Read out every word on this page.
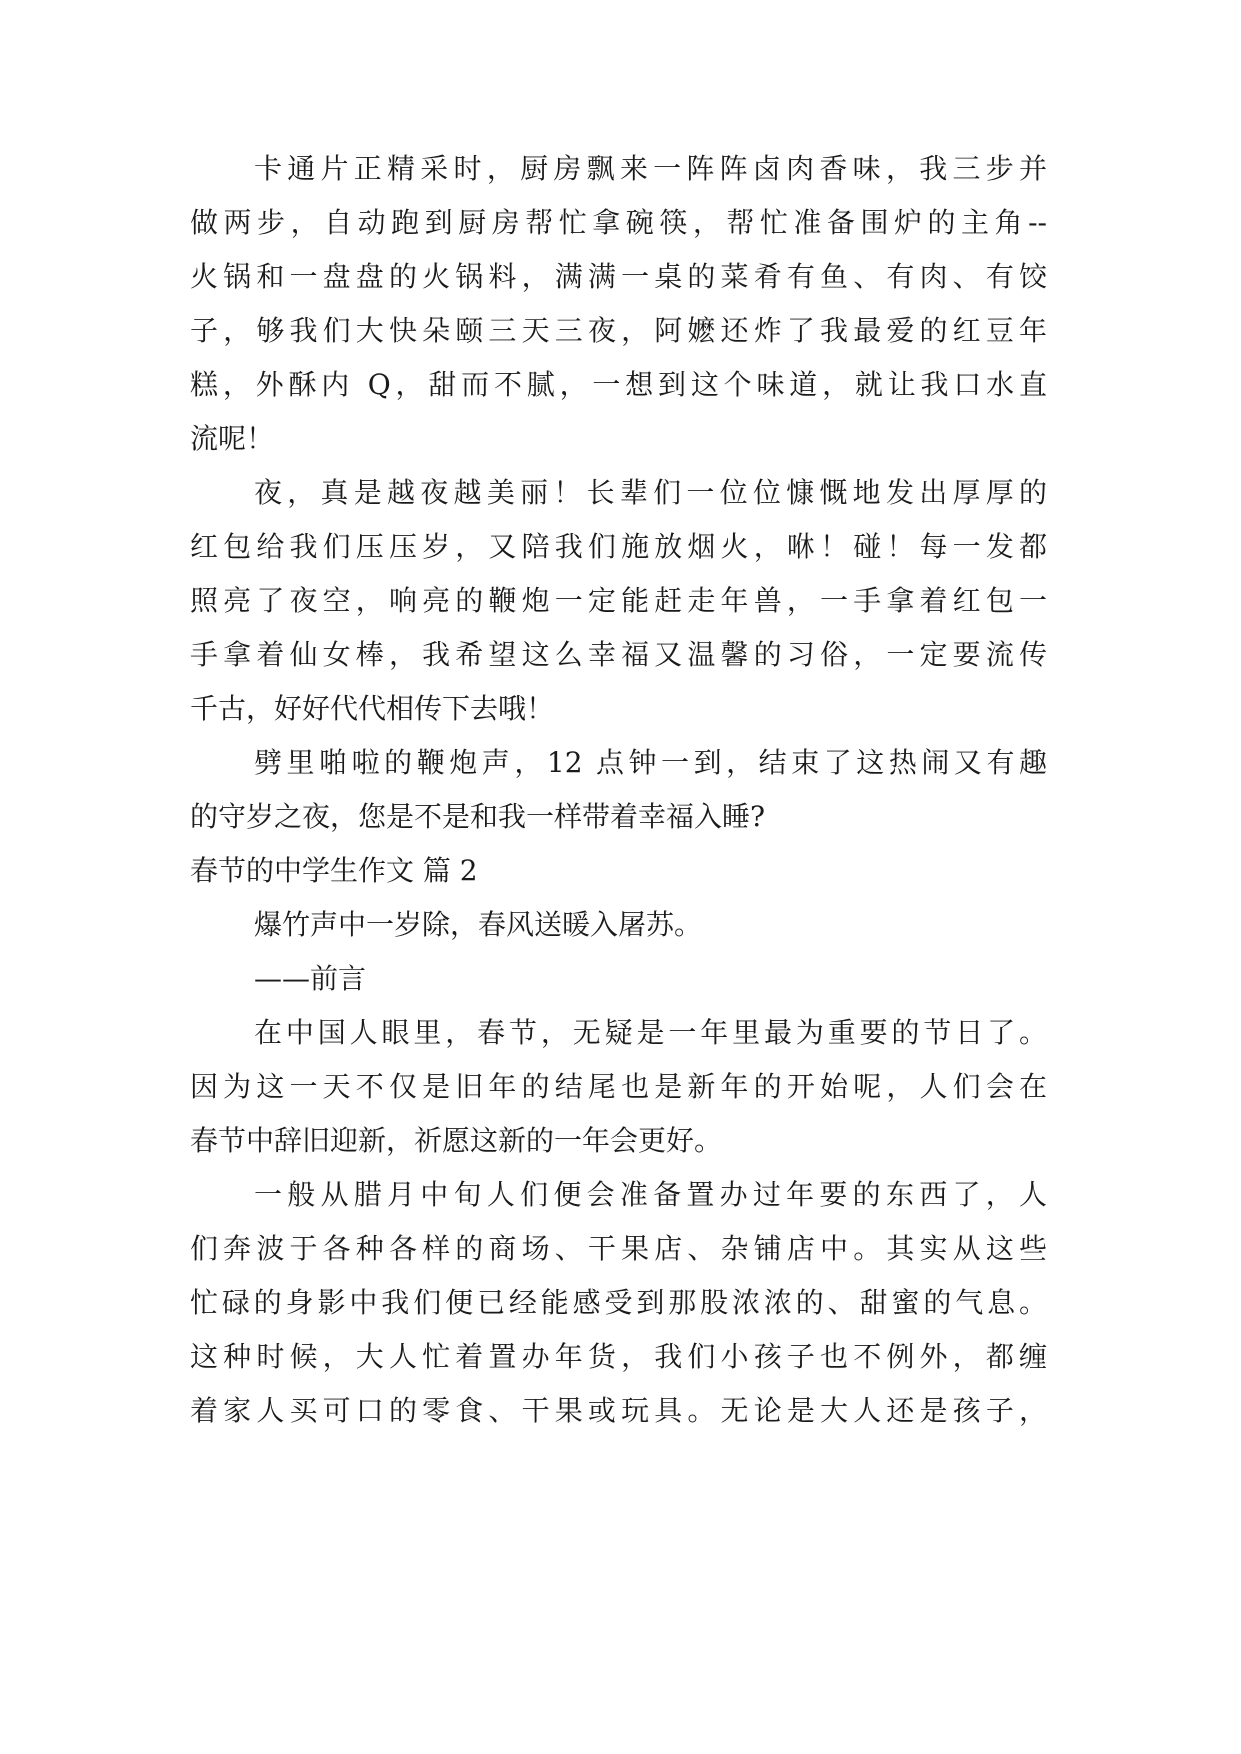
卡通片正精采时，厨房飘来一阵阵卤肉香味，我三步并
做两步，自动跑到厨房帮忙拿碗筷，帮忙准备围炉的主角--
火锅和一盘盘的火锅料，满满一桌的菜肴有鱼、有肉、有饺
子，够我们大快朵颐三天三夜，阿嬷还炸了我最爱的红豆年
糕，外酥内 Q，甜而不腻，一想到这个味道，就让我口水直
流呢！
夜，真是越夜越美丽！长辈们一位位慷慨地发出厚厚的
红包给我们压压岁，又陪我们施放烟火，咻！碰！每一发都
照亮了夜空，响亮的鞭炮一定能赶走年兽，一手拿着红包一
手拿着仙女棒，我希望这么幸福又温馨的习俗，一定要流传
千古，好好代代相传下去哦！
劈里啪啦的鞭炮声，12 点钟一到，结束了这热闹又有趣
的守岁之夜，您是不是和我一样带着幸福入睡?
春节的中学生作文 篇 2
爆竹声中一岁除，春风送暖入屠苏。
——前言
在中国人眼里，春节，无疑是一年里最为重要的节日了。
因为这一天不仅是旧年的结尾也是新年的开始呢，人们会在
春节中辞旧迎新，祈愿这新的一年会更好。
一般从腊月中旬人们便会准备置办过年要的东西了，人
们奔波于各种各样的商场、干果店、杂铺店中。其实从这些
忙碌的身影中我们便已经能感受到那股浓浓的、甜蜜的气息。
这种时候，大人忙着置办年货，我们小孩子也不例外，都缠
着家人买可口的零食、干果或玩具。无论是大人还是孩子，
